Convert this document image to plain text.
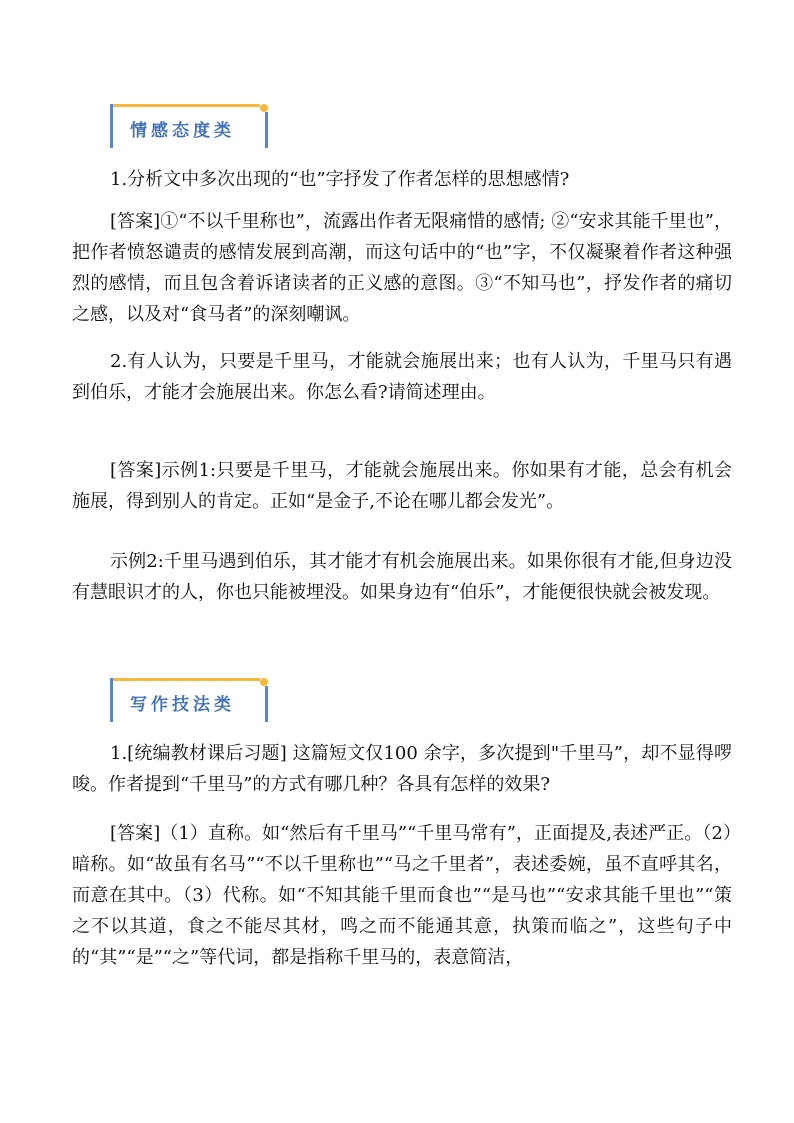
情感态度类

1.分析文中多次出现的“也”字抒发了作者怎样的思想感情?

[答案]①“不以千里称也”，流露出作者无限痛惜的感情; ②“安求其能千里也”，把作者愤怒谴责的感情发展到高潮，而这句话中的“也”字，不仅凝聚着作者这种强烈的感情，而且包含着诉诸读者的正义感的意图。③“不知马也”，抒发作者的痛切之感，以及对“食马者”的深刻嘲讽。

2.有人认为，只要是千里马，才能就会施展出来；也有人认为，千里马只有遇到伯乐，才能才会施展出来。你怎么看?请简述理由。

[答案]示例1:只要是千里马，才能就会施展出来。你如果有才能，总会有机会施展，得到别人的肯定。正如“是金子,不论在哪儿都会发光”。

示例2:千里马遇到伯乐，其才能才有机会施展出来。如果你很有才能,但身边没有慧眼识才的人，你也只能被埋没。如果身边有“伯乐”，才能便很快就会被发现。

写作技法类

1.[统编教材课后习题] 这篇短文仅100 余字，多次提到"千里马”，却不显得啰唆。作者提到“千里马”的方式有哪几种？各具有怎样的效果?

[答案]（1）直称。如“然后有千里马”“千里马常有”，正面提及,表述严正。（2）暗称。如“故虽有名马”“不以千里称也”“马之千里者”，表述委婉，虽不直呼其名，而意在其中。（3）代称。如“不知其能千里而食也”“是马也”“安求其能千里也”“策之不以其道，食之不能尽其材，鸣之而不能通其意，执策而临之”，这些句子中的“其”“是”“之”等代词，都是指称千里马的，表意简洁，
